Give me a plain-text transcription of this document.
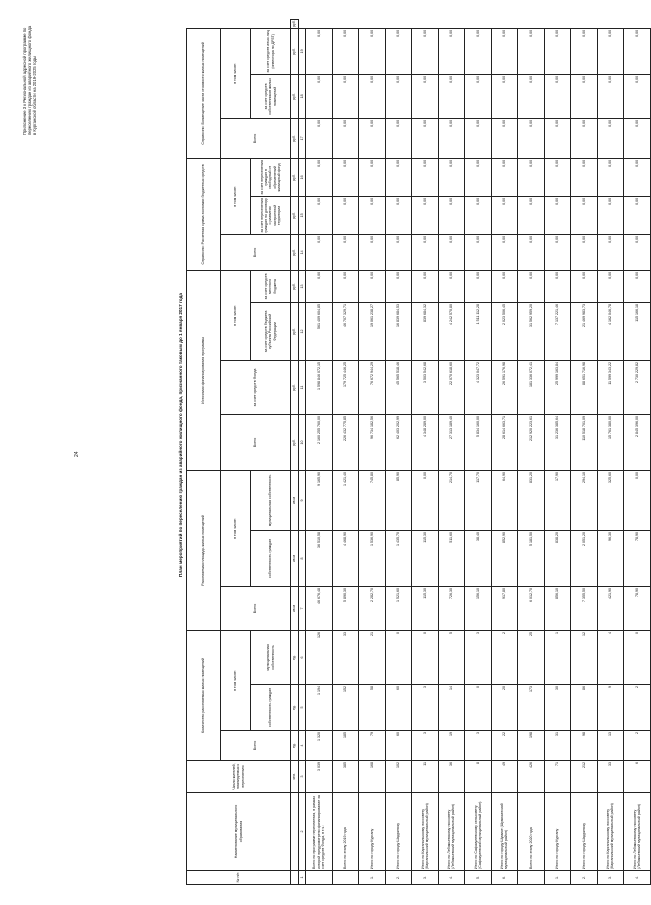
24
Приложение 3 к Региональной адресной программе по переселению граждан из аварийного жилищного фонда в Курганской области на 2019-2025 годы
План мероприятий по переселению граждан из аварийного жилищного фонда, признанного таковым до 1 января 2017 года
№ п/п	Наименование муниципального образования	Число жителей, планируемых к переселению	Количество расселяемых жилых помещений			Расселяемая площадь жилых помещений			Источники финансирования программы				Справочно: Расчетная сумма экономии бюджетных средств			Справочно: Возмещение части стоимости жилых помещений			
			Всего	в том числе:		Всего	в том числе:		Всего	за счет средств Фонда	в том числе:		Всего	в том числе:		Всего	в том числе:		
				собственность граждан	муниципальная собственность		собственность граждан	муниципальная собственность			за счет средств бюджета субъекта Российской Федерации	за счет средств местного бюджета		за счет переселения граждан по договору о развитии застроенной территории	за счет переселения граждан в свободный от обременений жилищный фонд		за счет средств собственников жилых помещений	за счет средств иных лиц (инвестора по ДРЗТ)	
		чел.	ед.	ед.	ед.	кв.м	кв.м	кв.м	руб.	руб.	руб.	руб.	руб.	руб.	руб.	руб.	руб.	руб.	руб.
1	2	3	4	5	6	7	8	9	10	11	12	13	14	15	16	17	18	19	
	Всего по программе переселения, в рамках которой предусмотрено финансирование за счет средств Фонда, в т.ч.:	3 039	1 320	1 194	126	46 676,48	36 510,58	9 165,90	2 160 255 760,00	1 598 846 072,15	561 409 604,85	0,00	0,00	0,00	0,00	0,00	0,00	0,00	
	Всего по этапу 2019 года	385	185	152	33	5 890,30	4 468,90	1 421,40	226 432 775,85	179 725 446,25	46 707 329,71	0,00	0,00	0,00	0,00	0,00	0,00	0,00	
1.	Итого по городу Кургану	168	79	58	21	2 282,70	1 536,90	745,80	96 734 182,56	76 672 944,29	19 061 238,27	0,00	0,00	0,00	0,00	0,00	0,00	0,00	
2.	Итого по городу Шадринску	102	60	60	0	1 521,60	1 435,70	85,90	62 403 202,99	45 565 518,46	16 839 684,53	0,00	0,00	0,00	0,00	0,00	0,00	0,00	
3.	Итого по Каргапольскому поссовету (Каргапольский муниципальный район)	11	3	3	0	115,30	115,30	0,00	4 348 289,00	3 503 542,68	839 684,32	0,00	0,00	0,00	0,00	0,00	0,00	0,00	
4.	Итого по Лебяжьевскому поссовету (Лебяжьевский муниципальный район)	36	19	14	5	726,30	511,60	214,70	27 313 189,40	22 070 618,60	4 242 570,80	0,00	0,00	0,00	0,00	0,00	0,00	0,00	
5.	Итого по Сафакулевскому сельсовету (Сафакулевский муниципальный район)	8	3	0	3	156,10	38,40	117,70	5 834 160,00	4 323 047,72	1 511 112,28	0,00	0,00	0,00	0,00	0,00	0,00	0,00	
6.	Итого по городу Шумихе (Шумихинский муниципальный район)	49	22	20	2	917,80	852,90	64,90	28 614 663,71	26 591 176,98	2 023 506,45	0,00	0,00	0,00	0,00	0,00	0,00	0,00	
	Всего по этапу 2020 года	426	198	173	25	6 012,70	5 181,50	831,20	212 920 223,61	181 336 072,41	31 562 959,20	0,00	0,00	0,00	0,00	0,00	0,00	0,00	
1.	Итого по городу Кургану	71	31	30	1	856,10	838,20	17,90	31 236 385,64	25 999 163,84	7 137 221,46	0,00	0,00	0,00	0,00	0,00	0,00	0,00	
2.	Итого по городу Шадринску	212	98	86	12	7 355,50	2 051,20	294,10	110 518 701,09	88 651 716,98	21 469 983,73	0,00	0,00	0,00	0,00	0,00	0,00	0,00	
3.	Итого по Каргапольскому поссовету (Каргапольский муниципальный район)	33	13	9	4	421,90	96,30	325,60	15 761 380,00	11 599 343,22	4 162 046,78	0,00	0,00	0,00	0,00	0,00	0,00	0,00	
4.	Итого по Лебяжьевскому поссовету (Лебяжьевский муниципальный район)	6	2	2	0	78,90	78,90	0,00	2 845 396,00	2 730 229,82	115 166,18	0,00	0,00	0,00	0,00	0,00	0,00	0,00	
